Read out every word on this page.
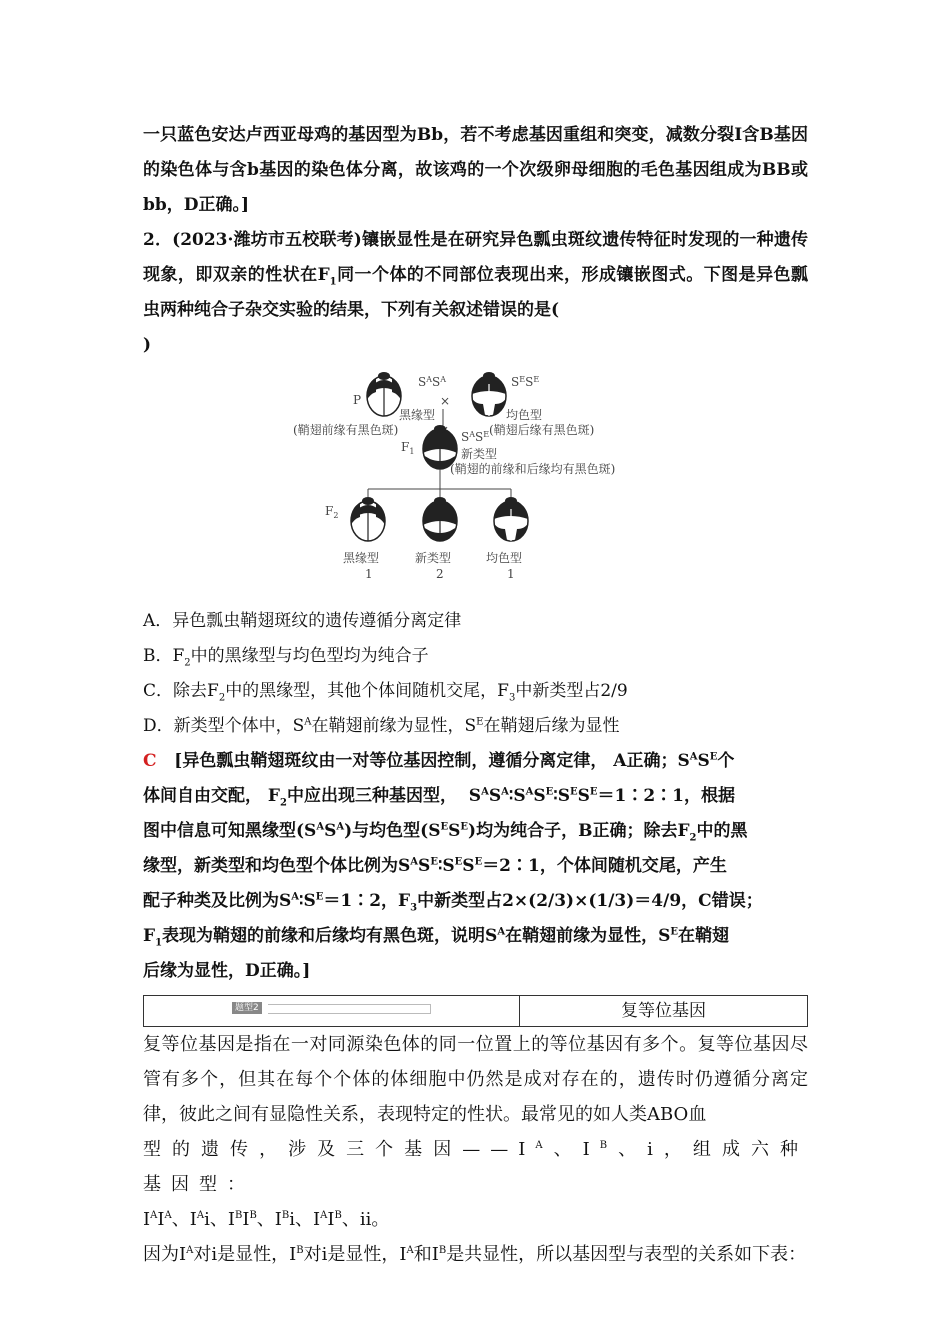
一只蓝色安达卢西亚母鸡的基因型为Bb，若不考虑基因重组和突变，减数分裂Ⅰ含B基因的染色体与含b基因的染色体分离，故该鸡的一个次级卵母细胞的毛色基因组成为BB或bb，D正确。]

2．(2023·潍坊市五校联考)镶嵌显性是在研究异色瓢虫斑纹遗传特征时发现的一种遗传现象，即双亲的性状在$F_1$同一个体的不同部位表现出来，形成镶嵌图式。下图是异色瓢虫两种纯合子杂交实验的结果，下列有关叙述错误的是(

)

P
$S^AS^A$
×
黑缘型
(鞘翅前缘有黑色斑)
$S^ES^E$
均色型
(鞘翅后缘有黑色斑)
$F_1$
$S^AS^E$
新类型
(鞘翅的前缘和后缘均有黑色斑)
$F_2$
黑缘型	新类型	均色型
1	2	1

A．异色瓢虫鞘翅斑纹的遗传遵循分离定律

B．$F_2$中的黑缘型与均色型均为纯合子

C．除去$F_2$中的黑缘型，其他个体间随机交尾，$F_3$中新类型占2/9

D．新类型个体中，$S^A$在鞘翅前缘为显性，$S^E$在鞘翅后缘为显性

C [异色瓢虫鞘翅斑纹由一对等位基因控制，遵循分离定律， A正确；$S^AS^E$个

体间自由交配， $F_2$中应出现三种基因型，  $S^AS^A∶S^AS^E∶S^ES^E=1∶2∶1$，根据

图中信息可知黑缘型$(S^AS^A)$与均色型$(S^ES^E)$均为纯合子，B正确；除去$F_2$中的黑

缘型，新类型和均色型个体比例为$S^AS^E∶S^ES^E=2∶1$，个体间随机交尾，产生

配子种类及比例为$S^A∶S^E=1∶2$，$F_3$中新类型占2×(2/3)×(1/3)＝4/9，C错误；

$F_1$表现为鞘翅的前缘和后缘均有黑色斑，说明$S^A$在鞘翅前缘为显性，$S^E$在鞘翅

后缘为显性，D正确。]

题型2	复等位基因

复等位基因是指在一对同源染色体的同一位置上的等位基因有多个。复等位基因尽管有多个，但其在每个个体的体细胞中仍然是成对存在的，遗传时仍遵循分离定律，彼此之间有显隐性关系，表现特定的性状。最常见的如人类ABO血

型的遗传，涉及三个基因$——I^A$、$I^B$、i，组成六种基因型：

$I^AI^A$、$I^Ai$、$I^BI^B$、$I^Bi$、$I^AI^B$、ii。

因为$I^A$对i是显性，$I^B$对i是显性，$I^A$和$I^B$是共显性，所以基因型与表型的关系如下表：
